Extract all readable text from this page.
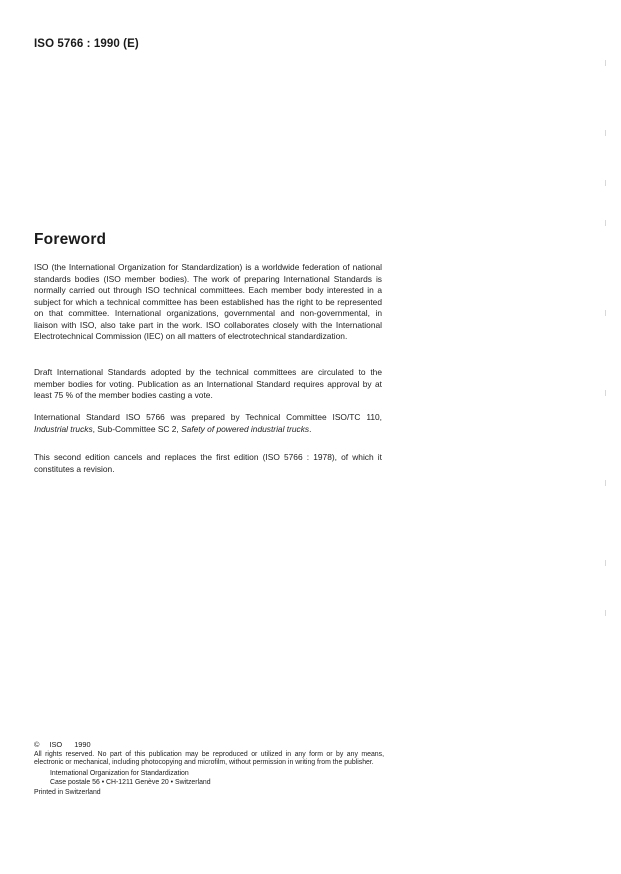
ISO 5766 : 1990 (E)

Foreword

ISO (the International Organization for Standardization) is a worldwide federation of national standards bodies (ISO member bodies). The work of preparing International Standards is normally carried out through ISO technical committees. Each member body interested in a subject for which a technical committee has been established has the right to be represented on that committee. International organizations, governmental and non-governmental, in liaison with ISO, also take part in the work. ISO collaborates closely with the International Electrotechnical Commission (IEC) on all matters of electrotechnical standardization.

Draft International Standards adopted by the technical committees are circulated to the member bodies for voting. Publication as an International Standard requires approval by at least 75 % of the member bodies casting a vote.

International Standard ISO 5766 was prepared by Technical Committee ISO/TC 110, Industrial trucks, Sub-Committee SC 2, Safety of powered industrial trucks.

This second edition cancels and replaces the first edition (ISO 5766 : 1978), of which it constitutes a revision.

© ISO 1990

All rights reserved. No part of this publication may be reproduced or utilized in any form or by any means, electronic or mechanical, including photocopying and microfilm, without permission in writing from the publisher.

International Organization for Standardization
Case postale 56 • CH-1211 Genève 20 • Switzerland

Printed in Switzerland
